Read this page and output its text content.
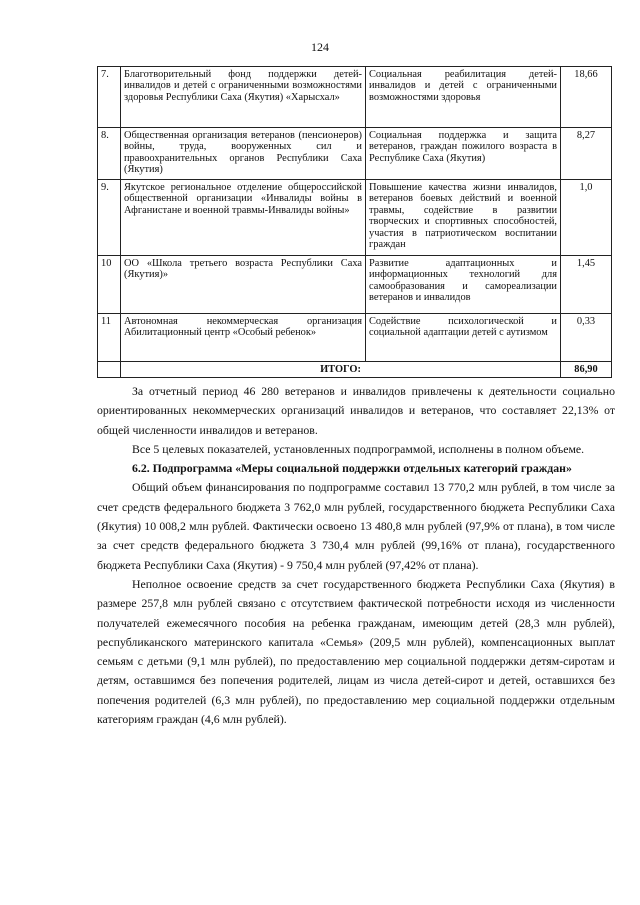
124
7.	Благотворительный фонд поддержки детей-инвалидов и детей с ограниченными возможностями здоровья Республики Саха (Якутия) «Харысхал»	Социальная реабилитация детей-инвалидов и детей с ограниченными возможностями здоровья	18,66
8.	Общественная организация ветеранов (пенсионеров) войны, труда, вооруженных сил и правоохранительных органов Республики Саха (Якутия)	Социальная поддержка и защита ветеранов, граждан пожилого возраста в Республике Саха (Якутия)	8,27
9.	Якутское региональное отделение общероссийской общественной организации «Инвалиды войны в Афганистане и военной травмы-Инвалиды войны»	Повышение качества жизни инвалидов, ветеранов боевых действий и военной травмы, содействие в развитии творческих и спортивных способностей, участия в патриотическом воспитании граждан	1,0
10	ОО «Школа третьего возраста Республики Саха (Якутия)»	Развитие адаптационных и информационных технологий для самообразования и самореализации ветеранов и инвалидов	1,45
11	Автономная некоммерческая организация Абилитационный центр «Особый ребенок»	Содействие психологической и социальной адаптации детей с аутизмом	0,33
	ИТОГО:		86,90

За отчетный период 46 280 ветеранов и инвалидов привлечены к деятельности социально ориентированных некоммерческих организаций инвалидов и ветеранов, что составляет 22,13% от общей численности инвалидов и ветеранов.

Все 5 целевых показателей, установленных подпрограммой, исполнены в полном объеме.

6.2. Подпрограмма «Меры социальной поддержки отдельных категорий граждан»

Общий объем финансирования по подпрограмме составил 13 770,2 млн рублей, в том числе за счет средств федерального бюджета 3 762,0 млн рублей, государственного бюджета Республики Саха (Якутия) 10 008,2 млн рублей. Фактически освоено 13 480,8 млн рублей (97,9% от плана), в том числе за счет средств федерального бюджета 3 730,4 млн рублей (99,16% от плана), государственного бюджета Республики Саха (Якутия) - 9 750,4 млн рублей (97,42% от плана).

Неполное освоение средств за счет государственного бюджета Республики Саха (Якутия) в размере 257,8 млн рублей связано с отсутствием фактической потребности исходя из численности получателей ежемесячного пособия на ребенка гражданам, имеющим детей (28,3 млн рублей), республиканского материнского капитала «Семья» (209,5 млн рублей), компенсационных выплат семьям с детьми (9,1 млн рублей), по предоставлению мер социальной поддержки детям-сиротам и детям, оставшимся без попечения родителей, лицам из числа детей-сирот и детей, оставшихся без попечения родителей (6,3 млн рублей), по предоставлению мер социальной поддержки отдельным категориям граждан (4,6 млн рублей).
